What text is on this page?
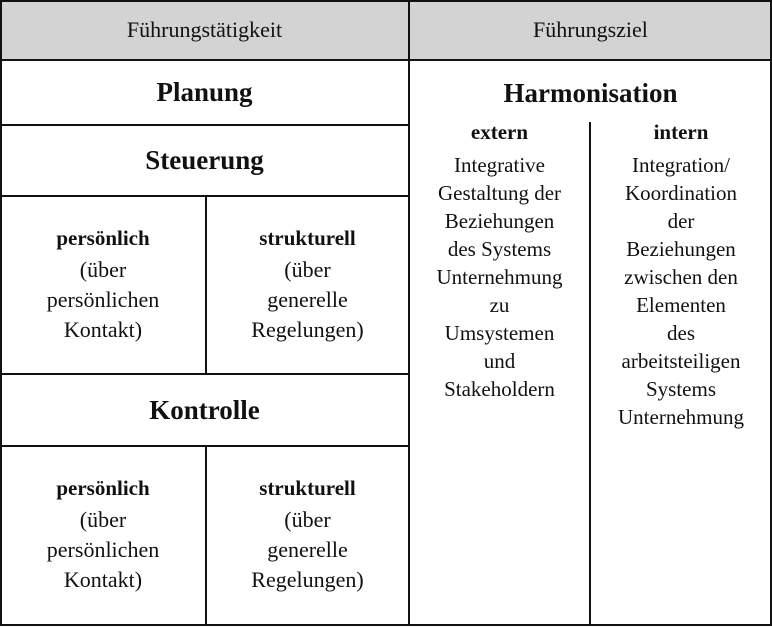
Führungstätigkeit	Führungsziel
Planung
Steuerung
persönlich
(über
persönlichen
Kontakt)
strukturell
(über
generelle
Regelungen)
Kontrolle
persönlich
(über
persönlichen
Kontakt)
strukturell
(über
generelle
Regelungen)
Harmonisation
extern
Integrative
Gestaltung der
Beziehungen
des Systems
Unternehmung
zu
Umsystemen
und
Stakeholdern
intern
Integration/
Koordination
der
Beziehungen
zwischen den
Elementen
des
arbeitsteiligen
Systems
Unternehmung
